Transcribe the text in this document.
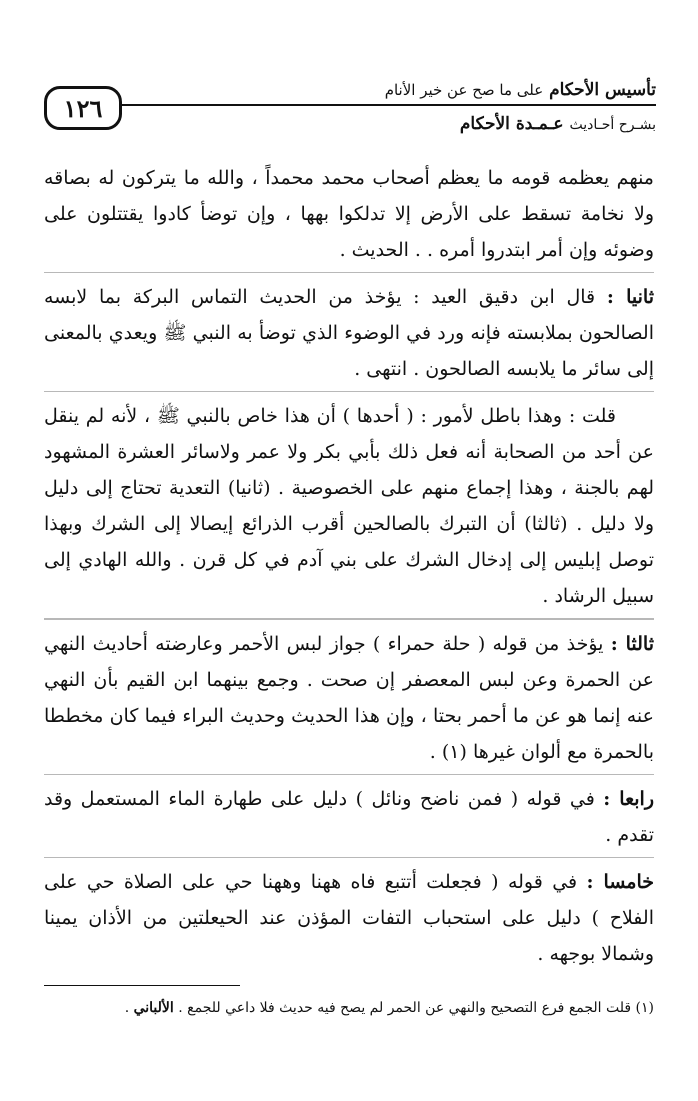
تأسيس الأحكام على ما صح عن خير الأنام
بشـرح أحـاديث عـمـدة الأحكام
١٢٦

منهم يعظمه قومه ما يعظم أصحاب محمد محمداً ، والله ما يتركون له بصاقه ولا نخامة تسقط على الأرض إلا تدلكوا بهها ، وإن توضأ كادوا يقتتلون على وضوئه وإن أمر ابتدروا أمره . . الحديث .

ثانيا : قال ابن دقيق العيد : يؤخذ من الحديث التماس البركة بما لابسه الصالحون بملابسته فإنه ورد في الوضوء الذي توضأ به النبي ﷺ ويعدي بالمعنى إلى سائر ما يلابسه الصالحون . انتهى .

قلت : وهذا باطل لأمور : ( أحدها ) أن هذا خاص بالنبي ﷺ ، لأنه لم ينقل عن أحد من الصحابة أنه فعل ذلك بأبي بكر ولا عمر ولاسائر العشرة المشهود لهم بالجنة ، وهذا إجماع منهم على الخصوصية . (ثانيا) التعدية تحتاج إلى دليل ولا دليل . (ثالثا) أن التبرك بالصالحين أقرب الذرائع إيصالا إلى الشرك وبهذا توصل إبليس إلى إدخال الشرك على بني آدم في كل قرن . والله الهادي إلى سبيل الرشاد .

ثالثا : يؤخذ من قوله ( حلة حمراء ) جواز لبس الأحمر وعارضته أحاديث النهي عن الحمرة وعن لبس المعصفر إن صحت . وجمع بينهما ابن القيم بأن النهي عنه إنما هو عن ما أحمر بحتا ، وإن هذا الحديث وحديث البراء فيما كان مخططا بالحمرة مع ألوان غيرها (١) .

رابعا : في قوله ( فمن ناضح ونائل ) دليل على طهارة الماء المستعمل وقد تقدم .

خامسا : في قوله ( فجعلت أتتبع فاه ههنا وههنا حي على الصلاة حي على الفلاح ) دليل على استحباب التفات المؤذن عند الحيعلتين من الأذان يمينا وشمالا بوجهه .

(١) قلت الجمع فرع التصحيح والنهي عن الحمر لم يصح فيه حديث فلا داعي للجمع . الألباني .
